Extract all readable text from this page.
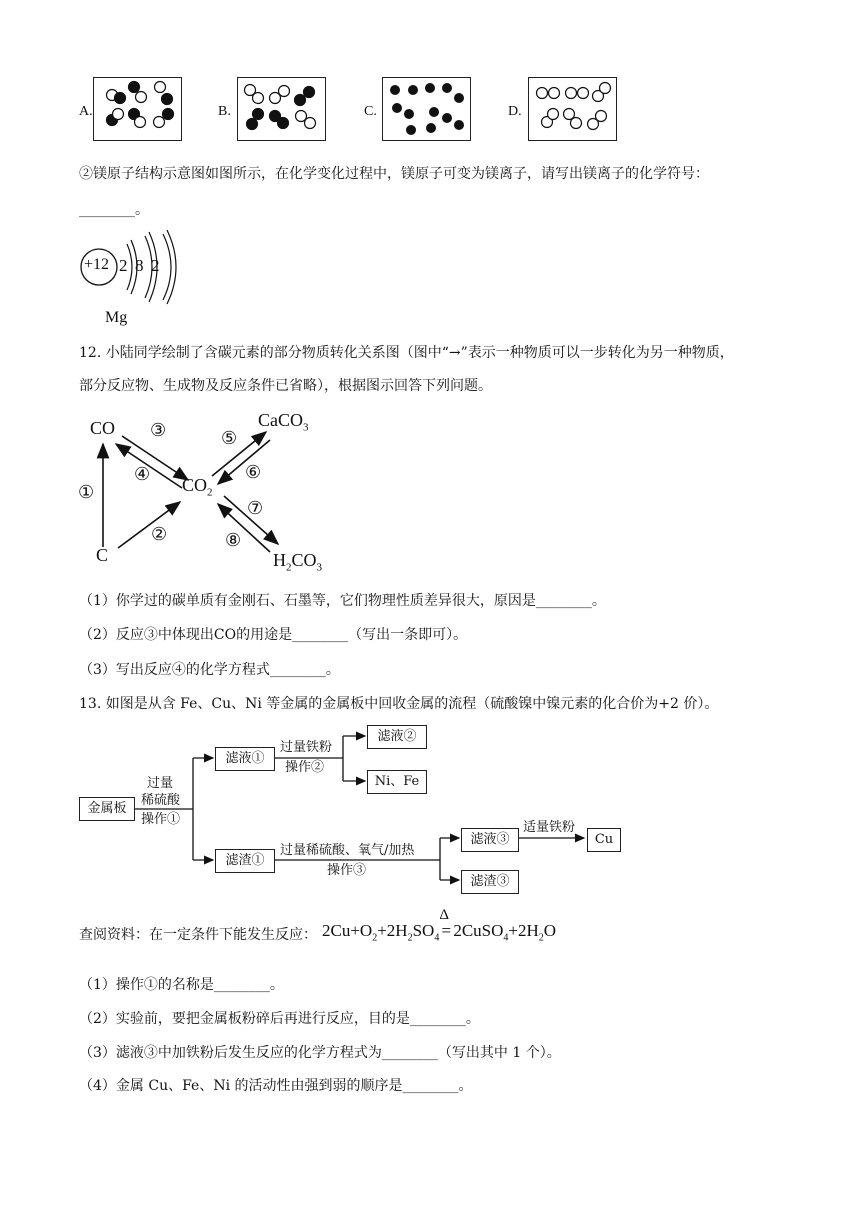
A.	B.	C.	D.
②镁原子结构示意图如图所示，在化学变化过程中，镁原子可变为镁离子，请写出镁离子的化学符号：
________。
+12 2 8 2
Mg
12. 小陆同学绘制了含碳元素的部分物质转化关系图（图中“→”表示一种物质可以一步转化为另一种物质，
部分反应物、生成物及反应条件已省略），根据图示回答下列问题。
CO
$CO_2$
CaCO$_3$
C	$H_2CO_3$
①
②
③
④
⑤
⑥
⑦
⑧
（1）你学过的碳单质有金刚石、石墨等，它们物理性质差异很大，原因是________。
（2）反应③中体现出CO的用途是________（写出一条即可）。
（3）写出反应④的化学方程式________。
13. 如图是从含 Fe、Cu、Ni 等金属的金属板中回收金属的流程（硫酸镍中镍元素的化合价为+2 价）。
金属板
过量
稀硫酸
操作①
滤液①
滤渣①
过量铁粉
操作②
滤液②
Ni、Fe
过量稀硫酸、氧气/加热
操作③
滤液③
滤渣③
适量铁粉
Cu
查阅资料：在一定条件下能发生反应： $2Cu+O_2+2H_2SO_4$
Δ
= $2CuSO_4+2H_2O$
（1）操作①的名称是________。
（2）实验前，要把金属板粉碎后再进行反应，目的是________。
（3）滤液③中加铁粉后发生反应的化学方程式为________（写出其中 1 个）。
（4）金属 Cu、Fe、Ni 的活动性由强到弱的顺序是________。
